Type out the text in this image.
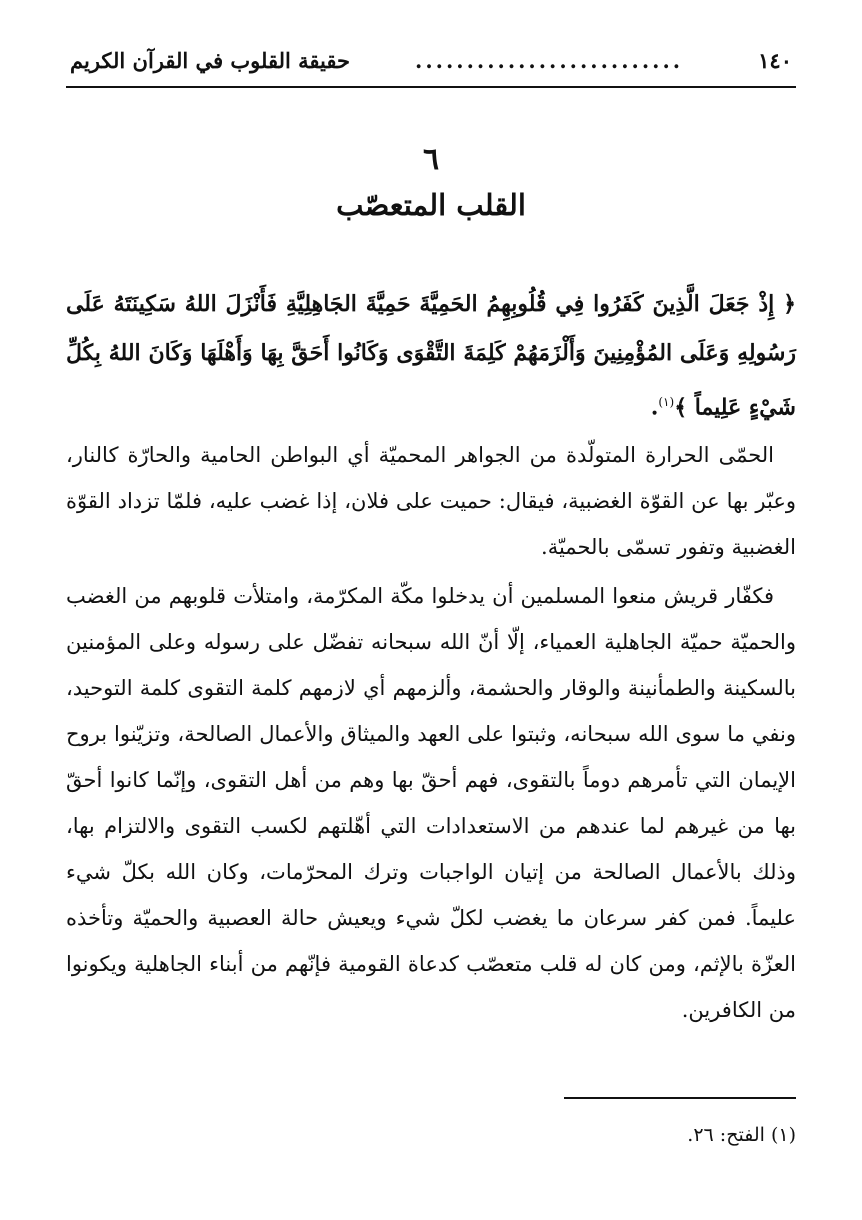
١٤٠
..........................
حقيقة القلوب في القرآن الكريم
٦
القلب المتعصّب
﴿ إِذْ جَعَلَ الَّذِينَ كَفَرُوا فِي قُلُوبِهِمُ الحَمِيَّةَ حَمِيَّةَ الجَاهِلِيَّةِ فَأَنْزَلَ اللهُ سَكِينَتَهُ عَلَى رَسُولِهِ وَعَلَى المُؤْمِنِينَ وَأَلْزَمَهُمْ كَلِمَةَ التَّقْوَى وَكَانُوا أَحَقَّ بِهَا وَأَهْلَهَا وَكَانَ اللهُ بِكُلِّ شَيْءٍ عَلِيماً ﴾$^{(١)}$.

الحمّى الحرارة المتولّدة من الجواهر المحميّة أي البواطن الحامية والحارّة كالنار، وعبّر بها عن القوّة الغضبية، فيقال: حميت على فلان، إذا غضب عليه، فلمّا تزداد القوّة الغضبية وتفور تسمّى بالحميّة.

فكفّار قريش منعوا المسلمين أن يدخلوا مكّة المكرّمة، وامتلأت قلوبهم من الغضب والحميّة حميّة الجاهلية العمياء، إلّا أنّ الله سبحانه تفضّل على رسوله وعلى المؤمنين بالسكينة والطمأنينة والوقار والحشمة، وألزمهم أي لازمهم كلمة التقوى كلمة التوحيد، ونفي ما سوى الله سبحانه، وثبتوا على العهد والميثاق والأعمال الصالحة، وتزيّنوا بروح الإيمان التي تأمرهم دوماً بالتقوى، فهم أحقّ بها وهم من أهل التقوى، وإنّما كانوا أحقّ بها من غيرهم لما عندهم من الاستعدادات التي أهّلتهم لكسب التقوى والالتزام بها، وذلك بالأعمال الصالحة من إتيان الواجبات وترك المحرّمات، وكان الله بكلّ شيء عليماً. فمن كفر سرعان ما يغضب لكلّ شيء ويعيش حالة العصبية والحميّة وتأخذه العزّة بالإثم، ومن كان له قلب متعصّب كدعاة القومية فإنّهم من أبناء الجاهلية ويكونوا من الكافرين.

(١) الفتح: ٢٦.
